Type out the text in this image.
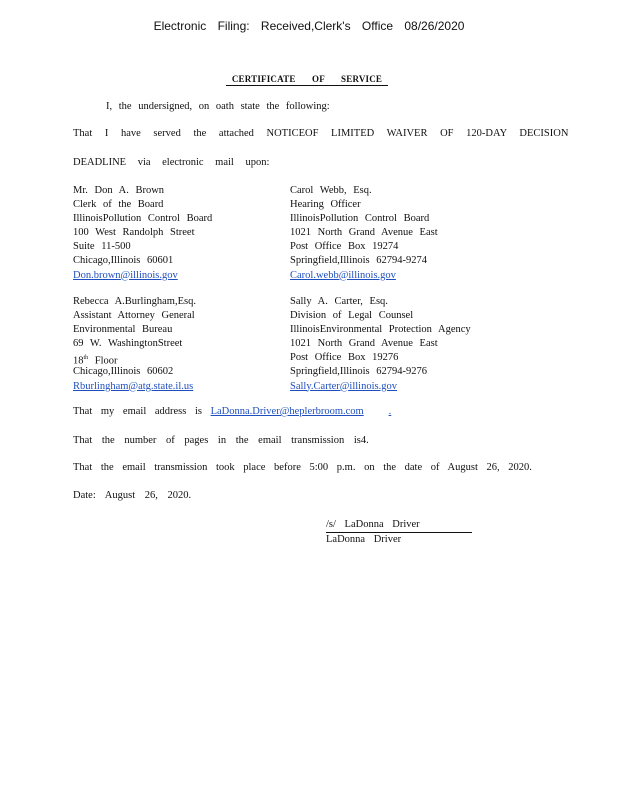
Electronic Filing: Received,Clerk's Office 08/26/2020
CERTIFICATE OF SERVICE
I, the undersigned, on oath state the following:
That I have served the attached NOTICEOF LIMITED WAIVER OF 120-DAY DECISION
DEADLINE via electronic mail upon:
Mr. Don A. Brown
Clerk of the Board
IllinoisPollution Control Board
100 West Randolph Street
Suite 11-500
Chicago,Illinois 60601
Don.brown@illinois.gov
Carol Webb, Esq.
Hearing Officer
IllinoisPollution Control Board
1021 North Grand Avenue East
Post Office Box 19274
Springfield,Illinois 62794-9274
Carol.webb@illinois.gov
Rebecca A.Burlingham,Esq.
Assistant Attorney General
Environmental Bureau
69 W. WashingtonStreet
18th Floor
Chicago,Illinois 60602
Rburlingham@atg.state.il.us
Sally A. Carter, Esq.
Division of Legal Counsel
IllinoisEnvironmental Protection Agency
1021 North Grand Avenue East
Post Office Box 19276
Springfield,Illinois 62794-9276
Sally.Carter@illinois.gov
That my email address is LaDonna.Driver@heplerbroom.com .
That the number of pages in the email transmission is4.
That the email transmission took place before 5:00 p.m. on the date of August 26, 2020.
Date: August 26, 2020.
/s/ LaDonna Driver
LaDonna Driver
